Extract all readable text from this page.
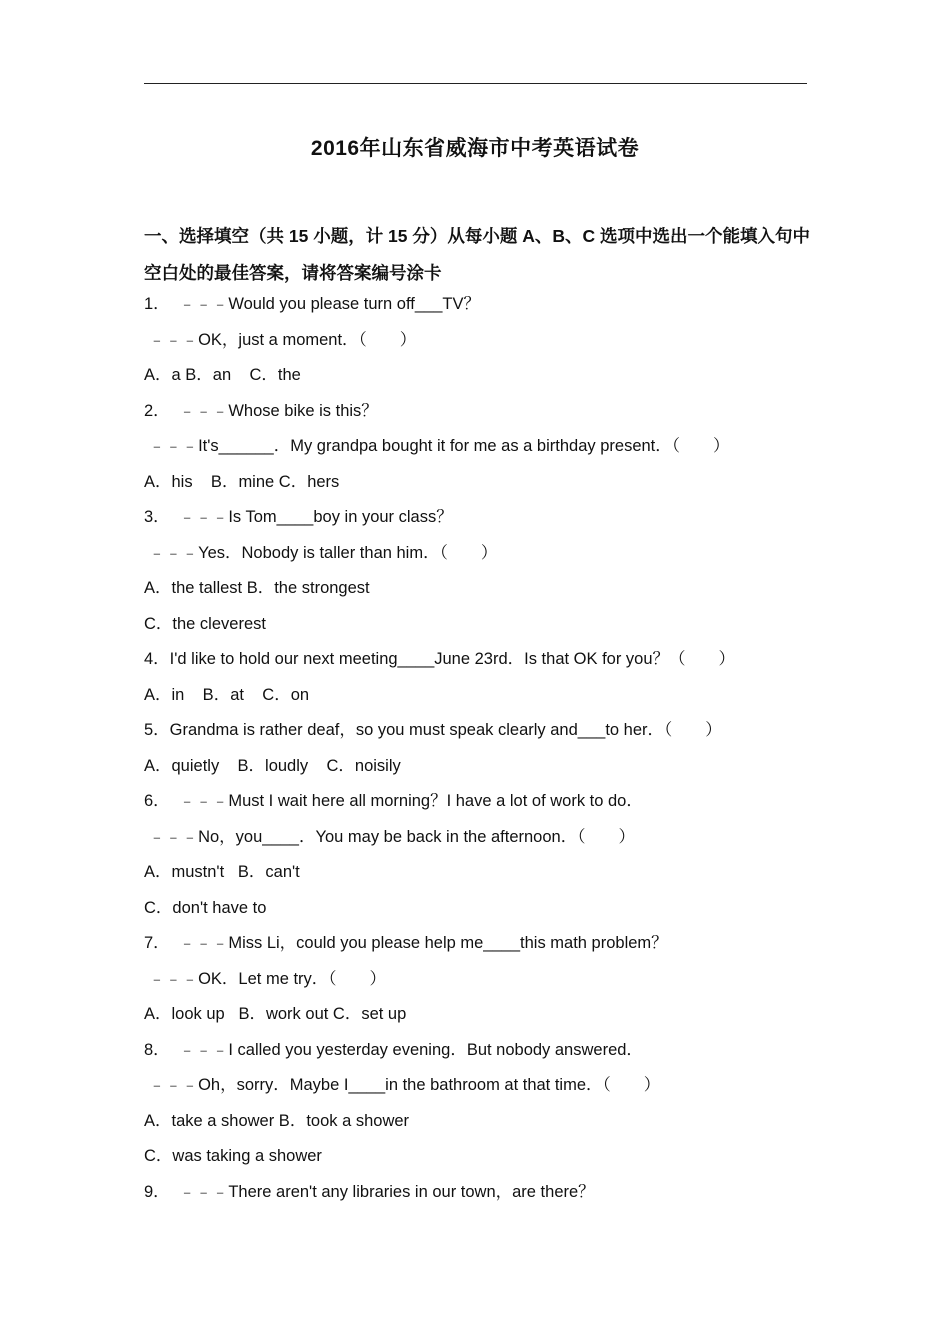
2016年山东省威海市中考英语试卷
一、选择填空（共 15 小题，计 15 分）从每小题 A、B、C 选项中选出一个能填入句中空白处的最佳答案，请将答案编号涂卡
1．  ﹣﹣﹣Would you please turn off___TV？
﹣﹣﹣OK，just a moment．（　　）
A．a B．an    C．the
2．  ﹣﹣﹣Whose bike is this？
﹣﹣﹣It's______．My grandpa bought it for me as a birthday present．（　　）
A．his    B．mine C．hers
3．  ﹣﹣﹣Is Tom____boy in your class？
﹣﹣﹣Yes．Nobody is taller than him．（　　）
A．the tallest B．the strongest
C．the cleverest
4．I'd like to hold our next meeting____June 23rd．Is that OK for you？（　　）
A．in    B．at    C．on
5．Grandma is rather deaf，so you must speak clearly and___to her．（　　）
A．quietly    B．loudly    C．noisily
6．  ﹣﹣﹣Must I wait here all morning？I have a lot of work to do．
﹣﹣﹣No，you____．You may be back in the afternoon．（　　）
A．mustn't   B．can't
C．don't have to
7．  ﹣﹣﹣Miss Li，could you please help me____this math problem？
﹣﹣﹣OK．Let me try．（　　）
A．look up   B．work out C．set up
8．  ﹣﹣﹣I called you yesterday evening．But nobody answered．
﹣﹣﹣Oh，sorry．Maybe I____in the bathroom at that time．（　　）
A．take a shower B．took a shower
C．was taking a shower
9．  ﹣﹣﹣There aren't any libraries in our town，are there？
